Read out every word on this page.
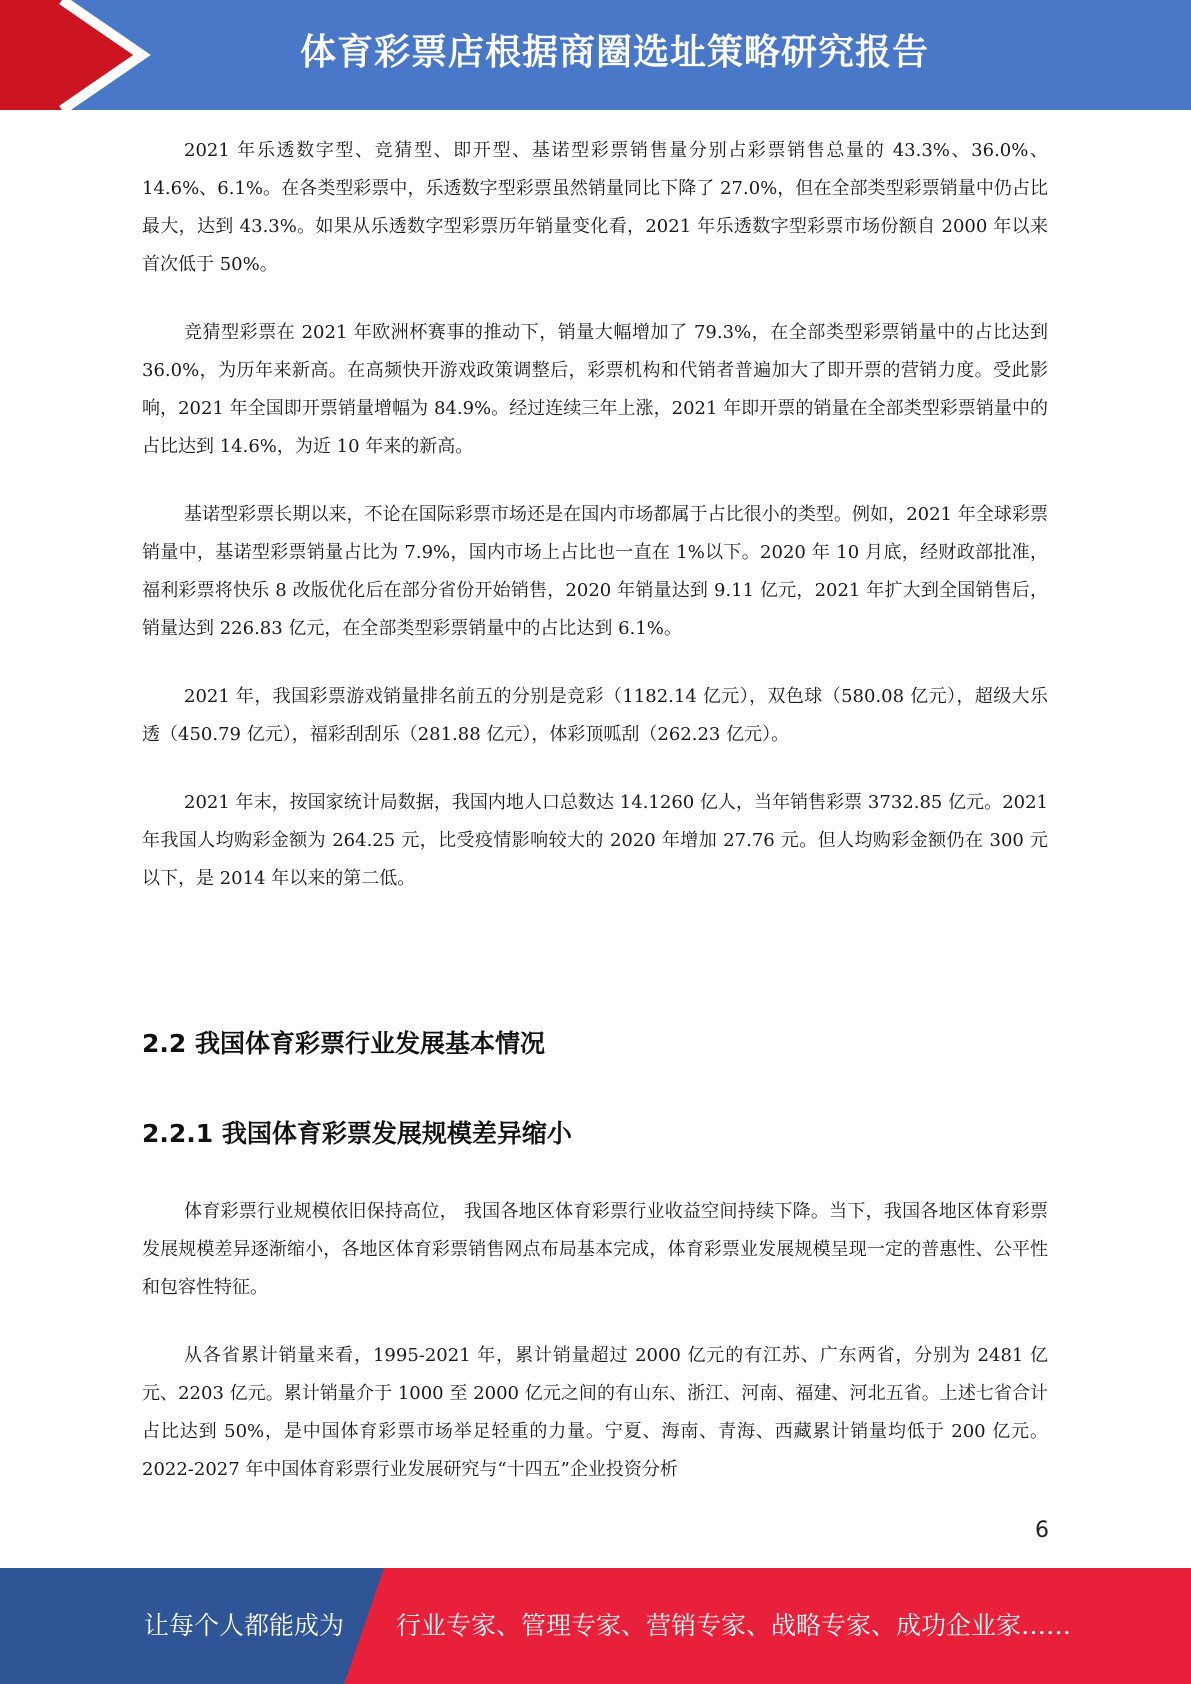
体育彩票店根据商圈选址策略研究报告

2021 年乐透数字型、竞猜型、即开型、基诺型彩票销售量分别占彩票销售总量的 43.3%、36.0%、14.6%、6.1%。在各类型彩票中，乐透数字型彩票虽然销量同比下降了 27.0%，但在全部类型彩票销量中仍占比最大，达到 43.3%。如果从乐透数字型彩票历年销量变化看，2021 年乐透数字型彩票市场份额自 2000 年以来首次低于 50%。

竞猜型彩票在 2021 年欧洲杯赛事的推动下，销量大幅增加了 79.3%，在全部类型彩票销量中的占比达到 36.0%，为历年来新高。在高频快开游戏政策调整后，彩票机构和代销者普遍加大了即开票的营销力度。受此影响，2021 年全国即开票销量增幅为 84.9%。经过连续三年上涨，2021 年即开票的销量在全部类型彩票销量中的占比达到 14.6%，为近 10 年来的新高。

基诺型彩票长期以来，不论在国际彩票市场还是在国内市场都属于占比很小的类型。例如，2021 年全球彩票销量中，基诺型彩票销量占比为 7.9%，国内市场上占比也一直在 1%以下。2020 年 10 月底，经财政部批准，福利彩票将快乐 8 改版优化后在部分省份开始销售，2020 年销量达到 9.11 亿元，2021 年扩大到全国销售后，销量达到 226.83 亿元，在全部类型彩票销量中的占比达到 6.1%。

2021 年，我国彩票游戏销量排名前五的分别是竞彩（1182.14 亿元），双色球（580.08 亿元），超级大乐透（450.79 亿元），福彩刮刮乐（281.88 亿元），体彩顶呱刮（262.23 亿元）。

2021 年末，按国家统计局数据，我国内地人口总数达 14.1260 亿人，当年销售彩票 3732.85 亿元。2021 年我国人均购彩金额为 264.25 元，比受疫情影响较大的 2020 年增加 27.76 元。但人均购彩金额仍在 300 元以下，是 2014 年以来的第二低。

2.2 我国体育彩票行业发展基本情况
2.2.1 我国体育彩票发展规模差异缩小

体育彩票行业规模依旧保持高位， 我国各地区体育彩票行业收益空间持续下降。当下，我国各地区体育彩票发展规模差异逐渐缩小，各地区体育彩票销售网点布局基本完成，体育彩票业发展规模呈现一定的普惠性、公平性和包容性特征。

从各省累计销量来看，1995-2021 年，累计销量超过 2000 亿元的有江苏、广东两省，分别为 2481 亿元、2203 亿元。累计销量介于 1000 至 2000 亿元之间的有山东、浙江、河南、福建、河北五省。上述七省合计占比达到 50%，是中国体育彩票市场举足轻重的力量。宁夏、海南、青海、西藏累计销量均低于 200 亿元。2022-2027 年中国体育彩票行业发展研究与“十四五”企业投资分析

6
让每个人都能成为 行业专家、管理专家、营销专家、战略专家、成功企业家……
